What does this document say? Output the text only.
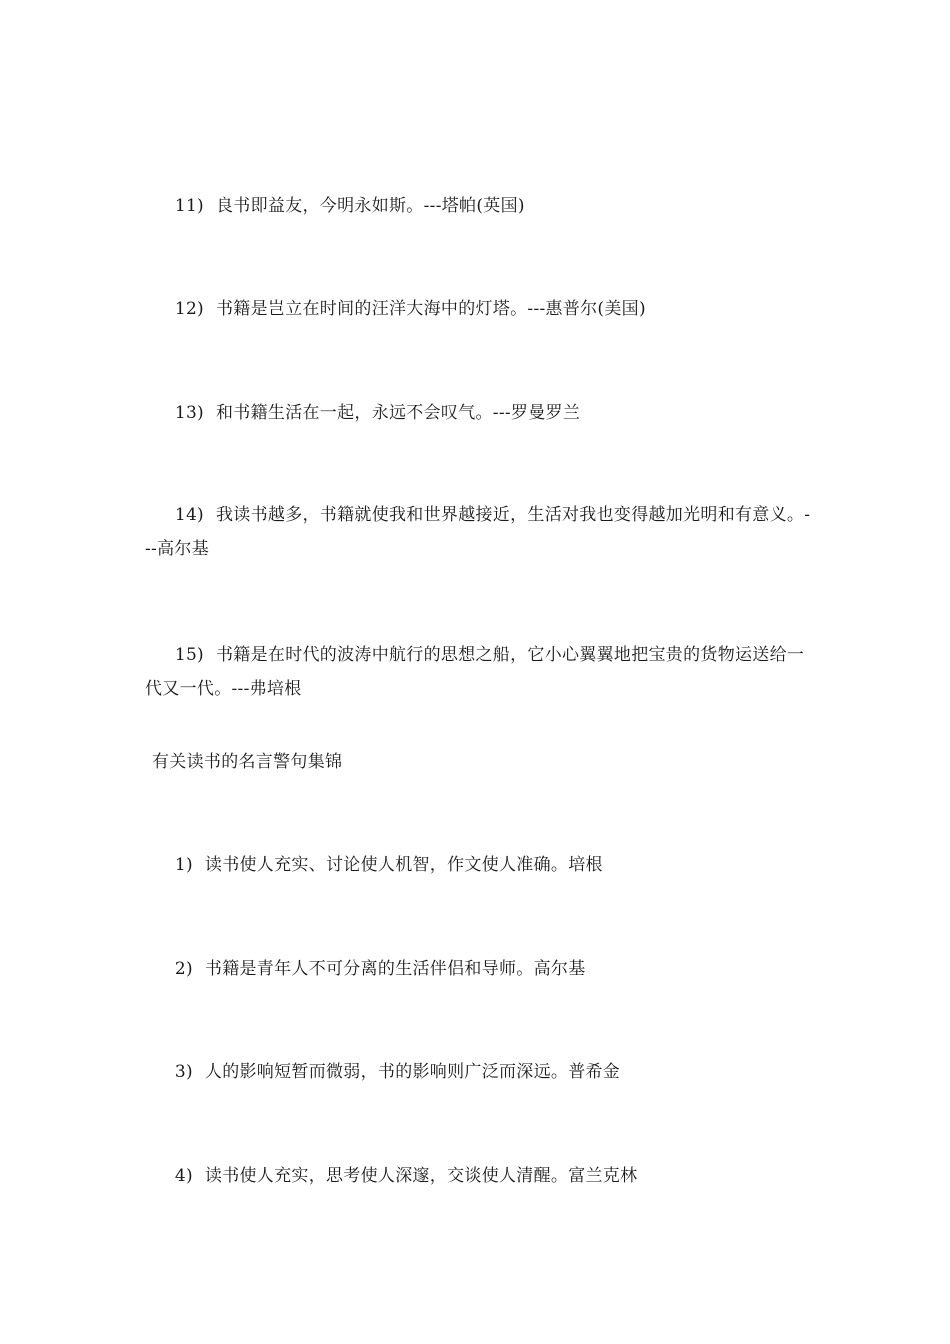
11) 良书即益友，今明永如斯。---塔帕(英国)

12) 书籍是岂立在时间的汪洋大海中的灯塔。---惠普尔(美国)

13) 和书籍生活在一起，永远不会叹气。---罗曼罗兰

14) 我读书越多，书籍就使我和世界越接近，生活对我也变得越加光明和有意义。---高尔基

15) 书籍是在时代的波涛中航行的思想之船，它小心翼翼地把宝贵的货物运送给一代又一代。---弗培根

有关读书的名言警句集锦

1) 读书使人充实、讨论使人机智，作文使人准确。培根

2) 书籍是青年人不可分离的生活伴侣和导师。高尔基

3) 人的影响短暂而微弱，书的影响则广泛而深远。普希金

4) 读书使人充实，思考使人深邃，交谈使人清醒。富兰克林
